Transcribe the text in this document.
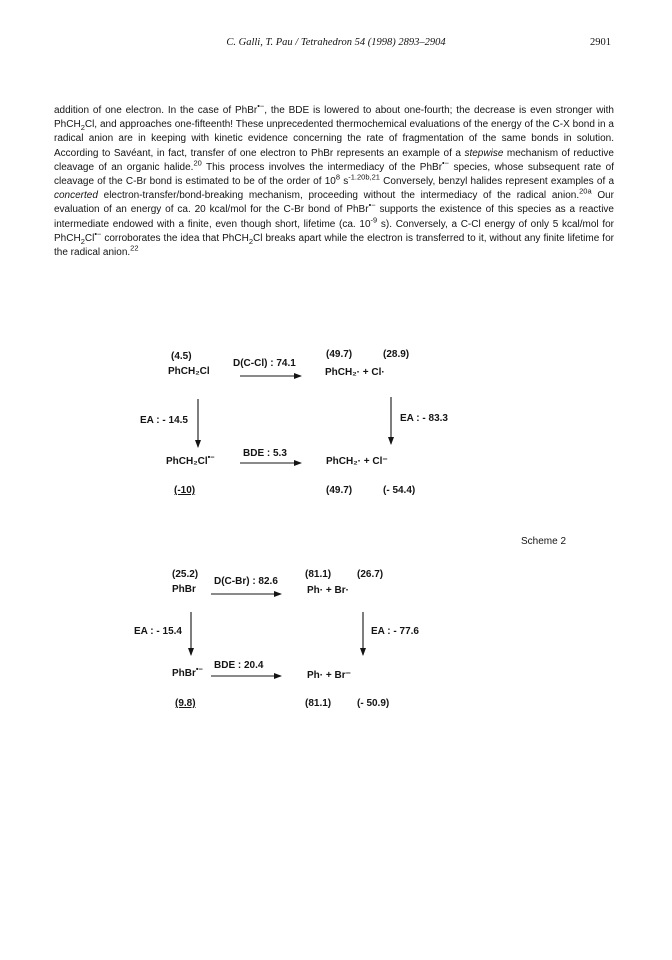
C. Galli, T. Pau / Tetrahedron 54 (1998) 2893–2904	2901

addition of one electron. In the case of PhBr•−, the BDE is lowered to about one-fourth; the decrease is even stronger with PhCH$_2$Cl, and approaches one-fifteenth! These unprecedented thermochemical evaluations of the energy of the C-X bond in a radical anion are in keeping with kinetic evidence concerning the rate of fragmentation of the same bonds in solution. According to Savéant, in fact, transfer of one electron to PhBr represents an example of a stepwise mechanism of reductive cleavage of an organic halide.$^{20}$ This process involves the intermediacy of the PhBr•− species, whose subsequent rate of cleavage of the C-Br bond is estimated to be of the order of $10^8$ $s^{-1.20b,21}$ Conversely, benzyl halides represent examples of a concerted electron-transfer/bond-breaking mechanism, proceeding without the intermediacy of the radical anion.$^{20a}$ Our evaluation of an energy of ca. 20 kcal/mol for the C-Br bond of PhBr•− supports the existence of this species as a reactive intermediate endowed with a finite, even though short, lifetime (ca. $10^{-9}$ s). Conversely, a C-Cl energy of only 5 kcal/mol for PhCH$_2$Cl•− corroborates the idea that PhCH$_2$Cl breaks apart while the electron is transferred to it, without any finite lifetime for the radical anion.$^{22}$

(4.5)
PhCH₂Cl
D(C-Cl) : 74.1
(49.7)	(28.9)
PhCH₂· + Cl·
EA : - 14.5	EA : - 83.3
BDE : 5.3
PhCH₂Cl•−	PhCH₂· + Cl⁻
(-10)	(49.7)	(- 54.4)
(25.2)
PhBr
D(C-Br) : 82.6
(81.1)	(26.7)
Ph· + Br·
EA : - 15.4	EA : - 77.6
BDE : 20.4
PhBr•−
Ph· + Br⁻
(9.8)	(81.1)	(- 50.9)
Scheme 2
